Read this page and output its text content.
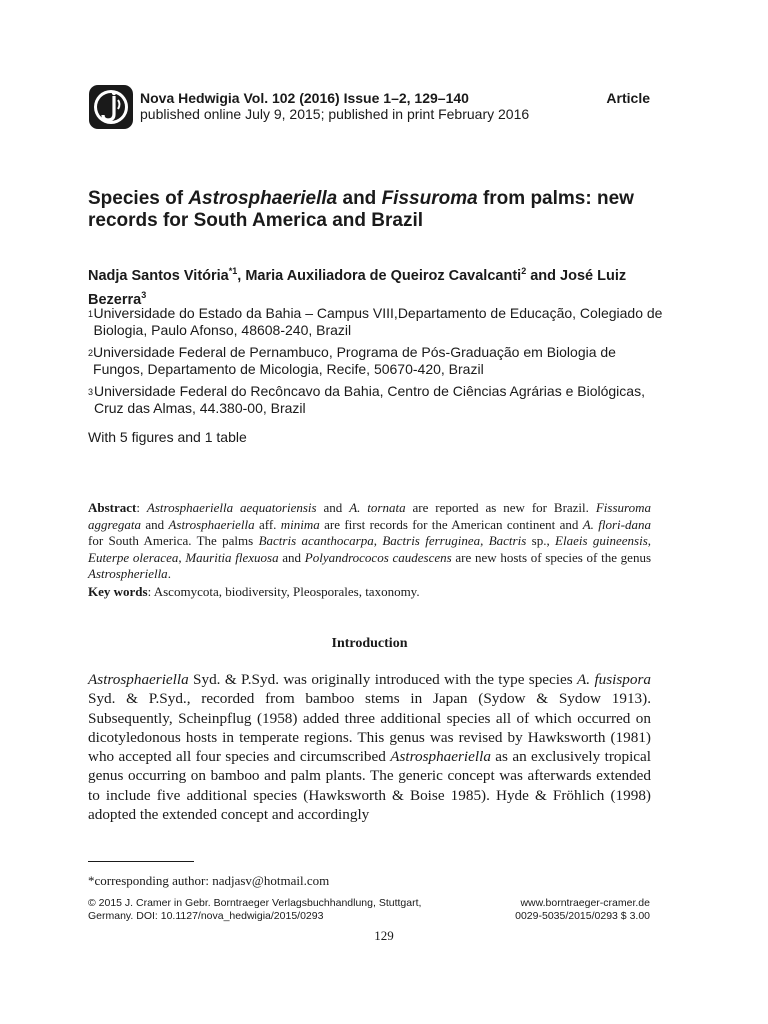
Nova Hedwigia Vol. 102 (2016) Issue 1–2, 129–140
published online July 9, 2015; published in print February 2016
Article
Species of Astrosphaeriella and Fissuroma from palms: new records for South America and Brazil

Nadja Santos Vitória$^{*1}$, Maria Auxiliadora de Queiroz Cavalcanti$^2$ and José Luiz Bezerra$^3$

1 Universidade do Estado da Bahia – Campus VIII,Departamento de Educação, Colegiado de Biologia, Paulo Afonso, 48608-240, Brazil
2 Universidade Federal de Pernambuco, Programa de Pós-Graduação em Biologia de Fungos, Departamento de Micologia, Recife, 50670-420, Brazil
3 Universidade Federal do Recôncavo da Bahia, Centro de Ciências Agrárias e Biológicas, Cruz das Almas, 44.380-00, Brazil
With 5 figures and 1 table

Abstract: Astrosphaeriella aequatoriensis and A. tornata are reported as new for Brazil. Fissuroma aggregata and Astrosphaeriella aff. minima are first records for the American continent and A. flori-dana for South America. The palms Bactris acanthocarpa, Bactris ferruginea, Bactris sp., Elaeis guineensis, Euterpe oleracea, Mauritia flexuosa and Polyandrococos caudescens are new hosts of species of the genus Astrospheriella.

Key words: Ascomycota, biodiversity, Pleosporales, taxonomy.

Introduction

Astrosphaeriella Syd. & P.Syd. was originally introduced with the type species A. fusispora Syd. & P.Syd., recorded from bamboo stems in Japan (Sydow & Sydow 1913). Subsequently, Scheinpflug (1958) added three additional species all of which occurred on dicotyledonous hosts in temperate regions. This genus was revised by Hawksworth (1981) who accepted all four species and circumscribed Astrosphaeriella as an exclusively tropical genus occurring on bamboo and palm plants. The generic concept was afterwards extended to include five additional species (Hawksworth & Boise 1985). Hyde & Fröhlich (1998) adopted the extended concept and accordingly

*corresponding author: nadjasv@hotmail.com
© 2015 J. Cramer in Gebr. Borntraeger Verlagsbuchhandlung, Stuttgart,
Germany. DOI: 10.1127/nova_hedwigia/2015/0293
www.borntraeger-cramer.de
0029-5035/2015/0293 $ 3.00
129
